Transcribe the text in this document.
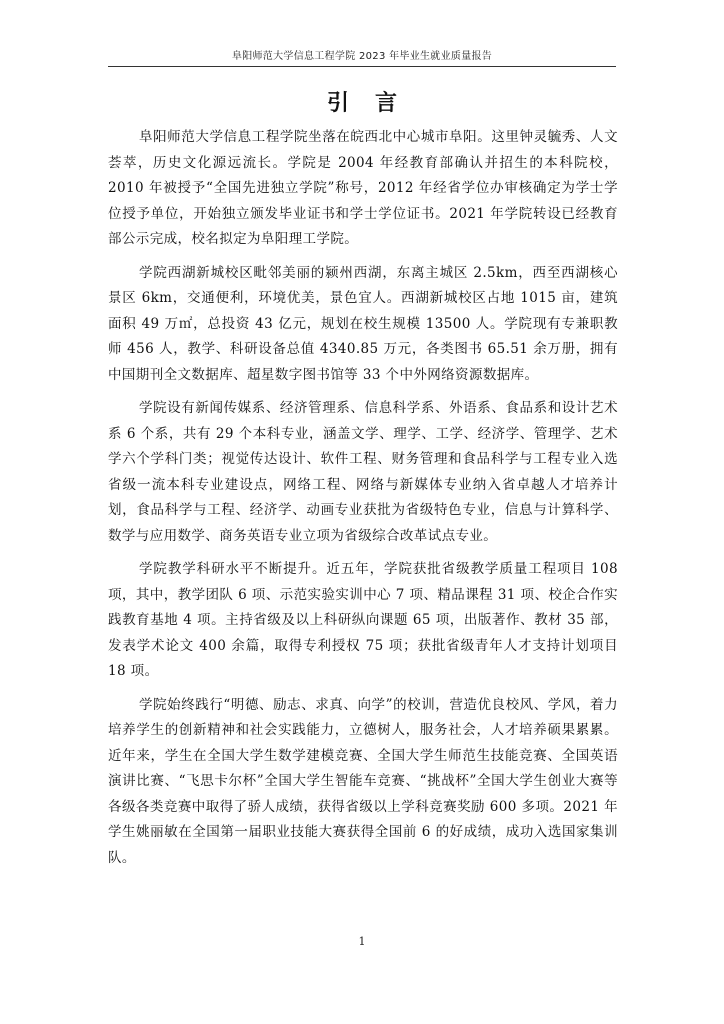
阜阳师范大学信息工程学院 2023 年毕业生就业质量报告
引言

阜阳师范大学信息工程学院坐落在皖西北中心城市阜阳。这里钟灵毓秀、人文荟萃，历史文化源远流长。学院是 2004 年经教育部确认并招生的本科院校，2010 年被授予“全国先进独立学院”称号，2012 年经省学位办审核确定为学士学位授予单位，开始独立颁发毕业证书和学士学位证书。2021 年学院转设已经教育部公示完成，校名拟定为阜阳理工学院。

学院西湖新城校区毗邻美丽的颍州西湖，东离主城区 2.5km，西至西湖核心景区 6km，交通便利，环境优美，景色宜人。西湖新城校区占地 1015 亩，建筑面积 49 万㎡，总投资 43 亿元，规划在校生规模 13500 人。学院现有专兼职教师 456 人，教学、科研设备总值 4340.85 万元，各类图书 65.51 余万册，拥有中国期刊全文数据库、超星数字图书馆等 33 个中外网络资源数据库。

学院设有新闻传媒系、经济管理系、信息科学系、外语系、食品系和设计艺术系 6 个系，共有 29 个本科专业，涵盖文学、理学、工学、经济学、管理学、艺术学六个学科门类；视觉传达设计、软件工程、财务管理和食品科学与工程专业入选省级一流本科专业建设点，网络工程、网络与新媒体专业纳入省卓越人才培养计划，食品科学与工程、经济学、动画专业获批为省级特色专业，信息与计算科学、数学与应用数学、商务英语专业立项为省级综合改革试点专业。

学院教学科研水平不断提升。近五年，学院获批省级教学质量工程项目 108 项，其中，教学团队 6 项、示范实验实训中心 7 项、精品课程 31 项、校企合作实践教育基地 4 项。主持省级及以上科研纵向课题 65 项，出版著作、教材 35 部，发表学术论文 400 余篇，取得专利授权 75 项；获批省级青年人才支持计划项目 18 项。

学院始终践行“明德、励志、求真、向学”的校训，营造优良校风、学风，着力培养学生的创新精神和社会实践能力，立德树人，服务社会，人才培养硕果累累。近年来，学生在全国大学生数学建模竞赛、全国大学生师范生技能竞赛、全国英语演讲比赛、“飞思卡尔杯”全国大学生智能车竞赛、“挑战杯”全国大学生创业大赛等各级各类竞赛中取得了骄人成绩，获得省级以上学科竞赛奖励 600 多项。2021 年学生姚丽敏在全国第一届职业技能大赛获得全国前 6 的好成绩，成功入选国家集训队。

1
